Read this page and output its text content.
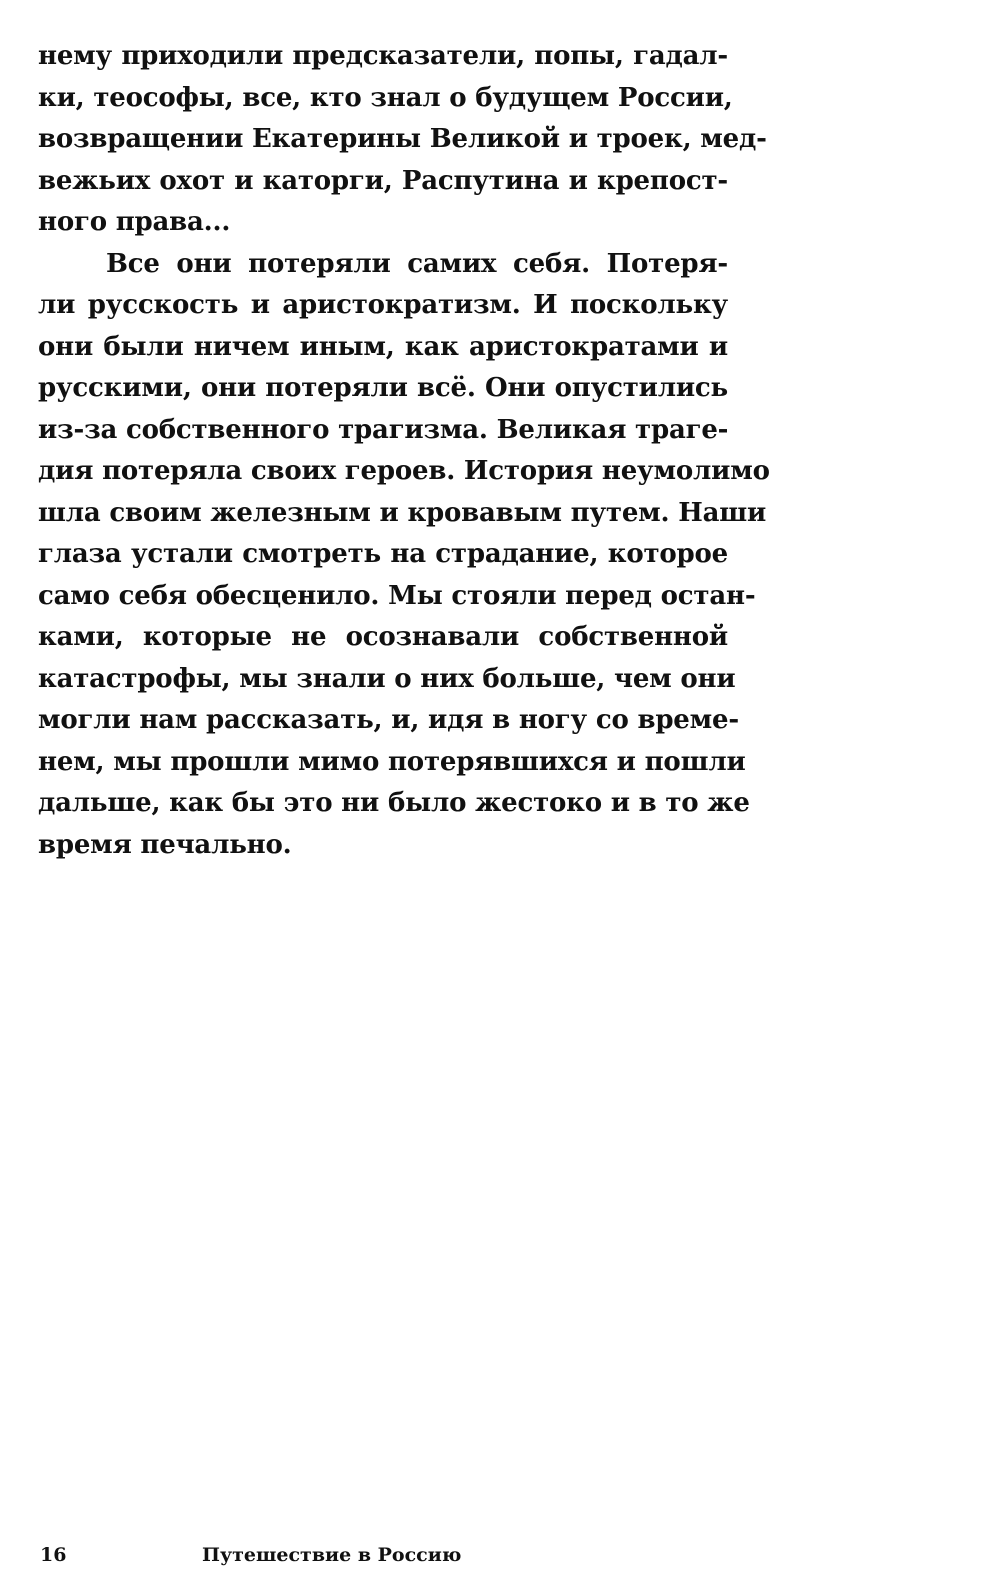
нему приходили предсказатели, попы, гадал-
ки, теософы, все, кто знал о будущем России,
возвращении Екатерины Великой и троек, мед-
вежьих охот и каторги, Распутина и крепост-
ного права...
Все они потеряли самих себя. Потеря-
ли русскость и аристократизм. И поскольку
они были ничем иным, как аристократами и
русскими, они потеряли всё. Они опустились
из-за собственного трагизма. Великая траге-
дия потеряла своих героев. История неумолимо
шла своим железным и кровавым путем. Наши
глаза устали смотреть на страдание, которое
само себя обесценило. Мы стояли перед остан-
ками, которые не осознавали собственной
катастрофы, мы знали о них больше, чем они
могли нам рассказать, и, идя в ногу со време-
нем, мы прошли мимо потерявшихся и пошли
дальше, как бы это ни было жестоко и в то же
время печально.
16	Путешествие в Россию
